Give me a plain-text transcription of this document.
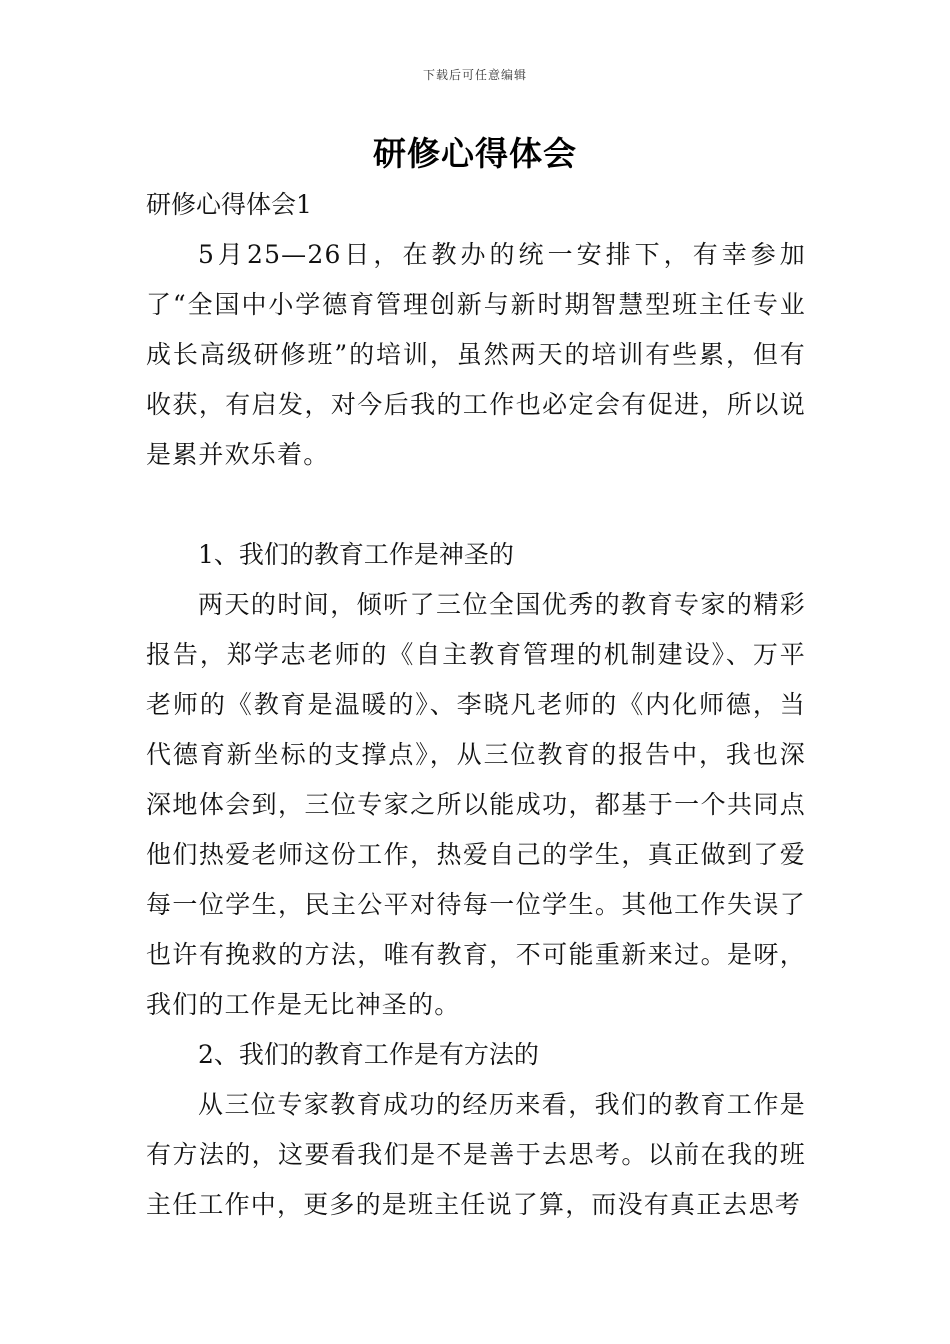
下载后可任意编辑
研修心得体会

研修心得体会1

5月25—26日，在教办的统一安排下，有幸参加了“全国中小学德育管理创新与新时期智慧型班主任专业成长高级研修班”的培训，虽然两天的培训有些累，但有收获，有启发，对今后我的工作也必定会有促进，所以说是累并欢乐着。

1、我们的教育工作是神圣的

两天的时间，倾听了三位全国优秀的教育专家的精彩报告，郑学志老师的《自主教育管理的机制建设》、万平老师的《教育是温暖的》、李晓凡老师的《内化师德，当代德育新坐标的支撑点》，从三位教育的报告中，我也深深地体会到，三位专家之所以能成功，都基于一个共同点他们热爱老师这份工作，热爱自己的学生，真正做到了爱每一位学生，民主公平对待每一位学生。其他工作失误了也许有挽救的方法，唯有教育，不可能重新来过。是呀，我们的工作是无比神圣的。

2、我们的教育工作是有方法的

从三位专家教育成功的经历来看，我们的教育工作是有方法的，这要看我们是不是善于去思考。以前在我的班主任工作中，更多的是班主任说了算，而没有真正去思考
